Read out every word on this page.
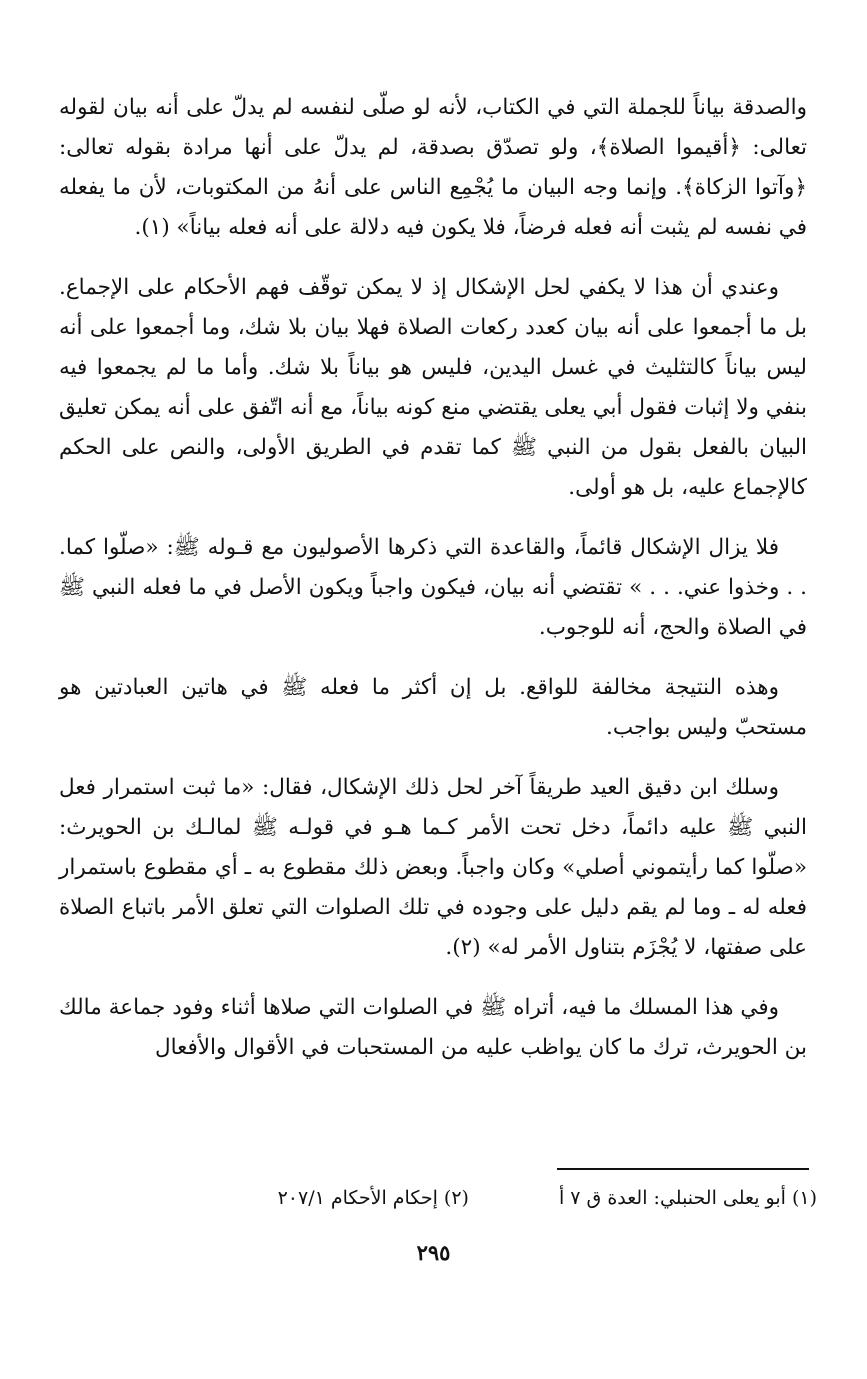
والصدقة بياناً للجملة التي في الكتاب، لأنه لو صلّى لنفسه لم يدلّ على أنه بيان لقوله تعالى: ﴿أقيموا الصلاة﴾، ولو تصدّق بصدقة، لم يدلّ على أنها مرادة بقوله تعالى: ﴿وآتوا الزكاة﴾. وإنما وجه البيان ما يُجْمِع الناس على أنهُ من المكتوبات، لأن ما يفعله في نفسه لم يثبت أنه فعله فرضاً، فلا يكون فيه دلالة على أنه فعله بياناً» (١).

وعندي أن هذا لا يكفي لحل الإشكال إذ لا يمكن توقّف فهم الأحكام على الإجماع. بل ما أجمعوا على أنه بيان كعدد ركعات الصلاة فهلا بيان بلا شك، وما أجمعوا على أنه ليس بياناً كالتثليث في غسل اليدين، فليس هو بياناً بلا شك. وأما ما لم يجمعوا فيه بنفي ولا إثبات فقول أبي يعلى يقتضي منع كونه بياناً، مع أنه اتّفق على أنه يمكن تعليق البيان بالفعل بقول من النبي ﷺ كما تقدم في الطريق الأولى، والنص على الحكم كالإجماع عليه، بل هو أولى.

فلا يزال الإشكال قائماً، والقاعدة التي ذكرها الأصوليون مع قـوله ﷺ: «صلّوا كما. . . وخذوا عني. . . » تقتضي أنه بيان، فيكون واجباً ويكون الأصل في ما فعله النبي ﷺ في الصلاة والحج، أنه للوجوب.

وهذه النتيجة مخالفة للواقع. بل إن أكثر ما فعله ﷺ في هاتين العبادتين هو مستحبّ وليس بواجب.

وسلك ابن دقيق العيد طريقاً آخر لحل ذلك الإشكال، فقال: «ما ثبت استمرار فعل النبي ﷺ عليه دائماً، دخل تحت الأمر كـما هـو في قولـه ﷺ لمالـك بن الحويرث: «صلّوا كما رأيتموني أصلي» وكان واجباً. وبعض ذلك مقطوع به ـ أي مقطوع باستمرار فعله له ـ وما لم يقم دليل على وجوده في تلك الصلوات التي تعلق الأمر باتباع الصلاة على صفتها، لا يُجْزَم بتناول الأمر له» (٢).

وفي هذا المسلك ما فيه، أتراه ﷺ في الصلوات التي صلاها أثناء وفود جماعة مالك بن الحويرث، ترك ما كان يواظب عليه من المستحبات في الأقوال والأفعال

(١) أبو يعلى الحنبلي: العدة ق ٧ أ
(٢) إحكام الأحكام ٢٠٧/١
٢٩٥
